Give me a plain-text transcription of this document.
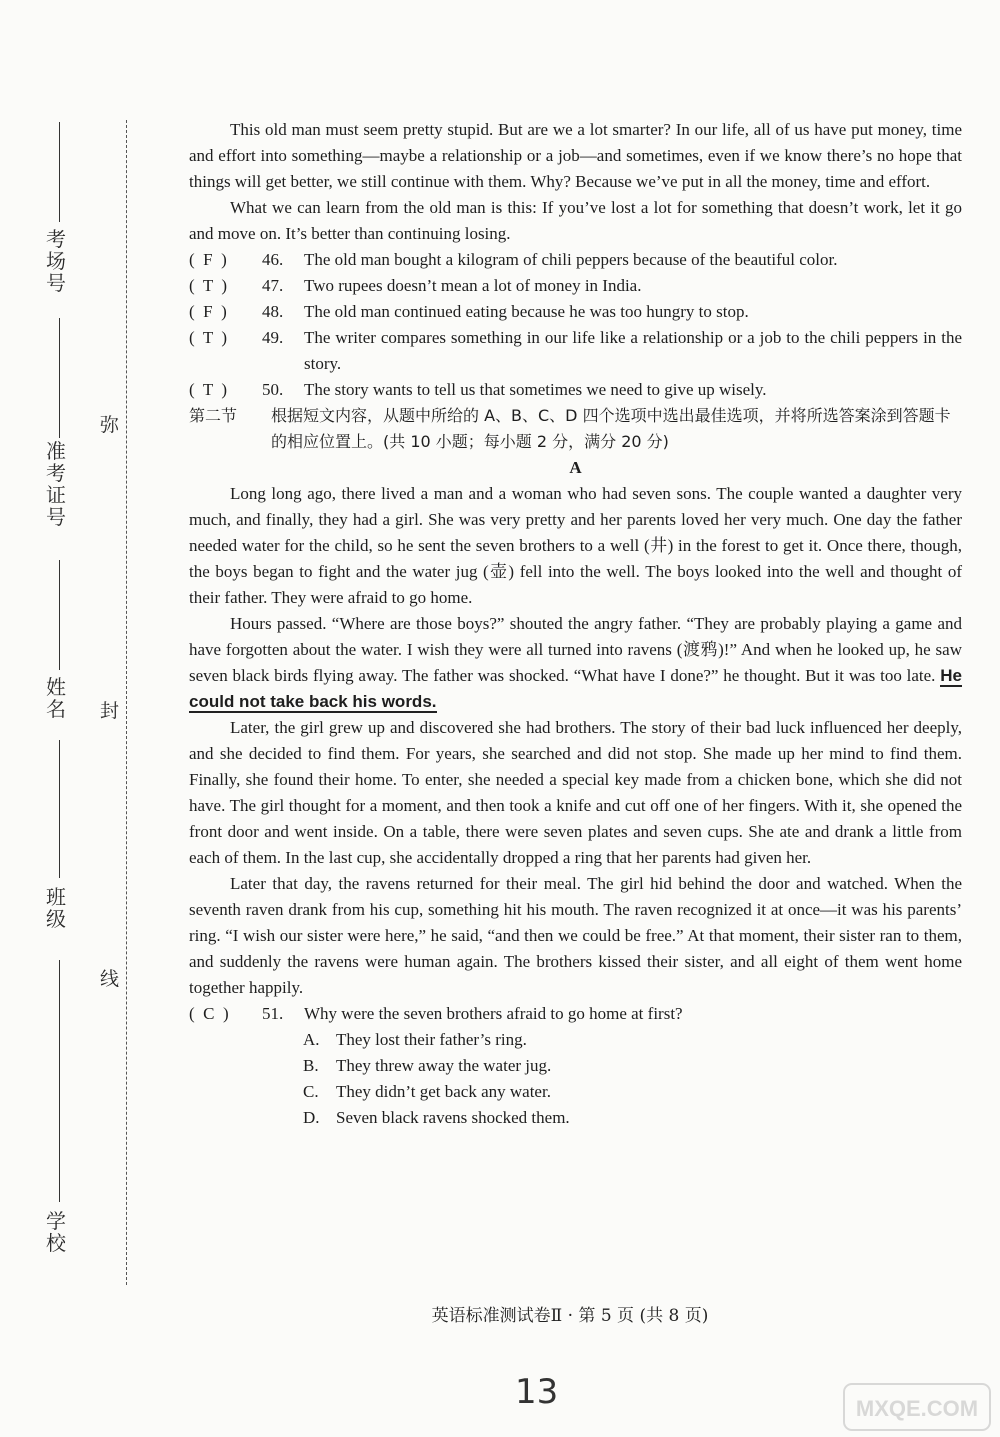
考场号
准考证号
姓名
班级
学校
弥
封
线

This old man must seem pretty stupid. But are we a lot smarter? In our life, all of us have put money, time and effort into something—maybe a relationship or a job—and sometimes, even if we know there’s no hope that things will get better, we still continue with them. Why? Because we’ve put in all the money, time and effort.

What we can learn from the old man is this: If you’ve lost a lot for something that doesn’t work, let it go and move on. It’s better than continuing losing.

(  F  )	46.	The old man bought a kilogram of chili peppers because of the beautiful color.
(  T  )	47.	Two rupees doesn’t mean a lot of money in India.
(  F  )	48.	The old man continued eating because he was too hungry to stop.
(  T  )	49.	The writer compares something in our life like a relationship or a job to the chili peppers in the story.
(  T  )	50.	The story wants to tell us that sometimes we need to give up wisely.
第二节	根据短文内容，从题中所给的 A、B、C、D 四个选项中选出最佳选项，并将所选答案涂到答题卡的相应位置上。(共 10 小题；每小题 2 分，满分 20 分)

A

Long long ago, there lived a man and a woman who had seven sons. The couple wanted a daughter very much, and finally, they had a girl. She was very pretty and her parents loved her very much. One day the father needed water for the child, so he sent the seven brothers to a well (井) in the forest to get it. Once there, though, the boys began to fight and the water jug (壶) fell into the well. The boys looked into the well and thought of their father. They were afraid to go home.

Hours passed. “Where are those boys?” shouted the angry father. “They are probably playing a game and have forgotten about the water. I wish they were all turned into ravens (渡鸦)!” And when he looked up, he saw seven black birds flying away. The father was shocked. “What have I done?” he thought. But it was too late. He could not take back his words.

Later, the girl grew up and discovered she had brothers. The story of their bad luck influenced her deeply, and she decided to find them. For years, she searched and did not stop. She made up her mind to find them. Finally, she found their home. To enter, she needed a special key made from a chicken bone, which she did not have. The girl thought for a moment, and then took a knife and cut off one of her fingers. With it, she opened the front door and went inside. On a table, there were seven plates and seven cups. She ate and drank a little from each of them. In the last cup, she accidentally dropped a ring that her parents had given her.

Later that day, the ravens returned for their meal. The girl hid behind the door and watched. When the seventh raven drank from his cup, something hit his mouth. The raven recognized it at once—it was his parents’ ring. “I wish our sister were here,” he said, “and then we could be free.” At that moment, their sister ran to them, and suddenly the ravens were human again. The brothers kissed their sister, and all eight of them went home together happily.

(  C  )	51.	Why were the seven brothers afraid to go home at first?
A. They lost their father’s ring.
B.	They threw away the water jug.
C.	They didn’t get back any water.
D. Seven black ravens shocked them.
英语标准测试卷Ⅱ · 第 5 页 (共 8 页)
13	MXQE.COM
